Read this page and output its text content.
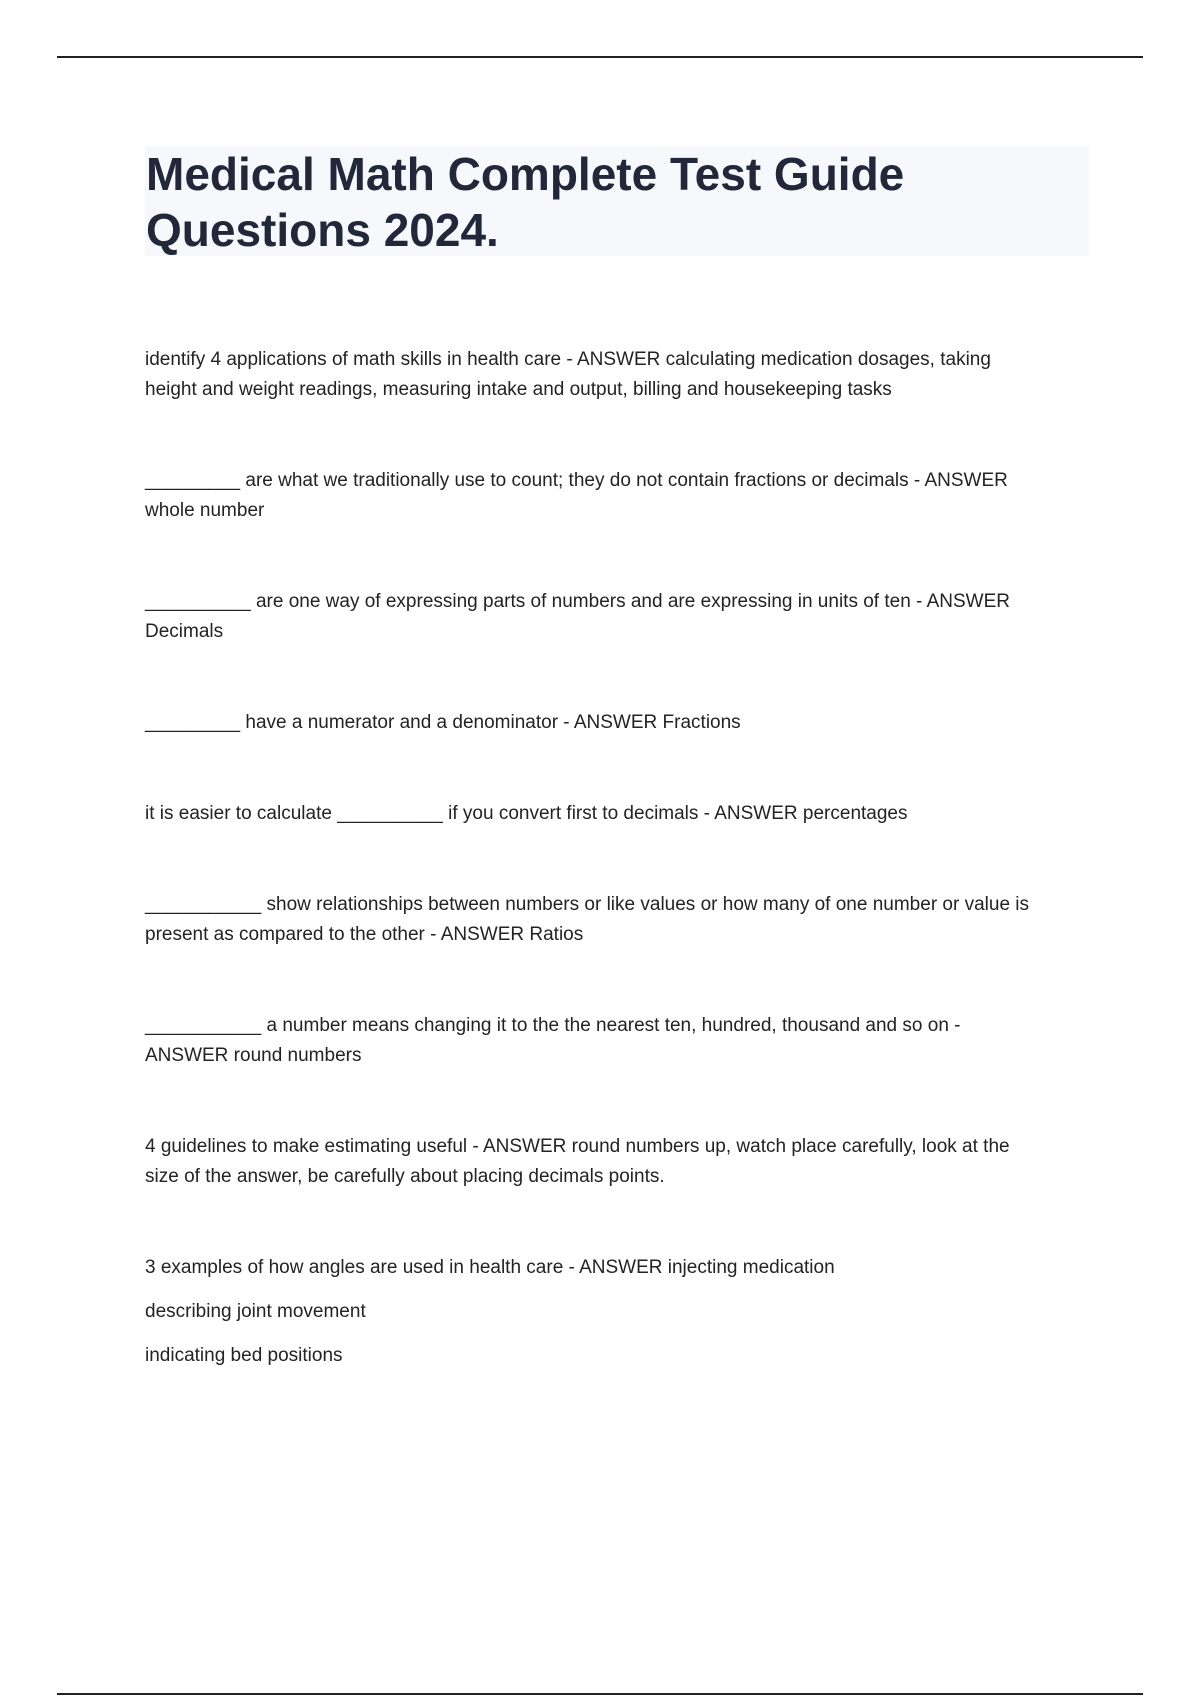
Medical Math Complete Test Guide
Questions 2024.

identify 4 applications of math skills in health care - ANSWER calculating medication dosages, taking
height and weight readings, measuring intake and output, billing and housekeeping tasks

_________ are what we traditionally use to count; they do not contain fractions or decimals - ANSWER
whole number

__________ are one way of expressing parts of numbers and are expressing in units of ten - ANSWER
Decimals

_________ have a numerator and a denominator - ANSWER Fractions

it is easier to calculate __________ if you convert first to decimals - ANSWER percentages

___________ show relationships between numbers or like values or how many of one number or value is
present as compared to the other - ANSWER Ratios

___________ a number means changing it to the the nearest ten, hundred, thousand and so on -
ANSWER round numbers

4 guidelines to make estimating useful - ANSWER round numbers up, watch place carefully, look at the
size of the answer, be carefully about placing decimals points.

3 examples of how angles are used in health care - ANSWER injecting medication

describing joint movement

indicating bed positions
